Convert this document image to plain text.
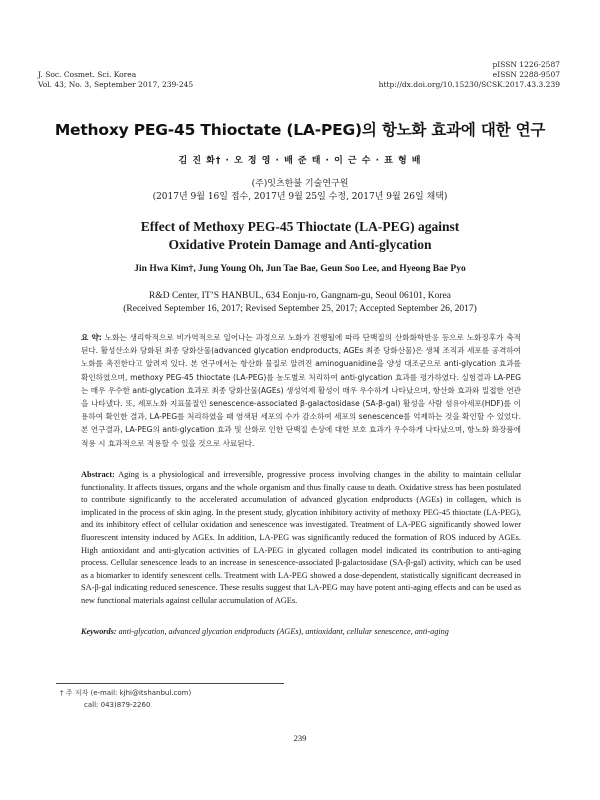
J. Soc. Cosmet. Sci. Korea
Vol. 43, No. 3, September 2017, 239-245
pISSN 1226-2587
eISSN 2288-9507
http://dx.doi.org/10.15230/SCSK.2017.43.3.239
Methoxy PEG-45 Thioctate (LA-PEG)의 항노화 효과에 대한 연구
김 진 화† · 오 정 영 · 배 준 태 · 이 근 수 · 표 형 배
(주)잇츠한불 기술연구원
(2017년 9월 16일 접수, 2017년 9월 25일 수정, 2017년 9월 26일 채택)
Effect of Methoxy PEG-45 Thioctate (LA-PEG) against
Oxidative Protein Damage and Anti-glycation
Jin Hwa Kim†, Jung Young Oh, Jun Tae Bae, Geun Soo Lee, and Hyeong Bae Pyo
R&D Center, IT’S HANBUL, 634 Eonju-ro, Gangnam-gu, Seoul 06101, Korea
(Received September 16, 2017; Revised September 25, 2017; Accepted September 26, 2017)
요 약: 노화는 생리학적으로 비가역적으로 일어나는 과정으로 노화가 진행될에 따라 단백질의 산화화학반응 등으로 노화징후가 축적된다. 활성산소와 당화된 최종 당화산물(advanced glycation endproducts, AGEs 최종 당화산물)은 생체 조직과 세포를 공격하여 노화를 촉진한다고 알려져 있다. 본 연구에서는 항산화 물질로 알려진 aminoguanidine을 양성 대조군으로 anti-glycation 효과를 확인하였으며, methoxy PEG-45 thioctate (LA-PEG)를 농도별로 처리하여 anti-glycation 효과를 평가하였다. 실험결과 LA-PEG는 매우 우수한 anti-glycation 효과로 최종 당화산물(AGEs) 생성억제 활성이 매우 우수하게 나타났으며, 항산화 효과와 밀접한 연관을 나타냈다. 또, 세포노화 지표물질인 senescence-associated β-galactosidase (SA-β-gal) 활성을 사람 섬유아세포(HDF)를 이용하여 확인한 결과, LA-PEG를 처리하였을 때 염색된 세포의 수가 감소하여 세포의 senescence를 억제하는 것을 확인할 수 있었다. 본 연구결과, LA-PEG의 anti-glycation 효과 및 산화로 인한 단백질 손상에 대한 보호 효과가 우수하게 나타났으며, 항노화 화장품에 적용 시 효과적으로 적용할 수 있을 것으로 사료된다.
Abstract: Aging is a physiological and irreversible, progressive process involving changes in the ability to maintain cellular functionality. It affects tissues, organs and the whole organism and thus finally cause to death. Oxidative stress has been postulated to contribute significantly to the accelerated accumulation of advanced glycation endproducts (AGEs) in collagen, which is implicated in the process of skin aging. In the present study, glycation inhibitory activity of methoxy PEG-45 thioctate (LA-PEG), and its inhibitory effect of cellular oxidation and senescence was investigated. Treatment of LA-PEG significantly showed lower fluorescent intensity induced by AGEs. In addition, LA-PEG was significantly reduced the formation of ROS induced by AGEs. High antioxidant and anti-glycation activities of LA-PEG in glycated collagen model indicated its contribution to anti-aging process. Cellular senescence leads to an increase in senescence-associated β-galactosidase (SA-β-gal) activity, which can be used as a biomarker to identify senescent cells. Treatment with LA-PEG showed a dose-dependent, statistically significant decreased in SA-β-gal indicating reduced senescence. These results suggest that LA-PEG may have potent anti-aging effects and can be used as new functional materials against cellular accumulation of AGEs.
Keywords: anti-glycation, advanced glycation endproducts (AGEs), antioxidant, cellular senescence, anti-aging
† 주 저자 (e-mail: kjhi@itshanbul.com)
call: 043)879-2260
239
